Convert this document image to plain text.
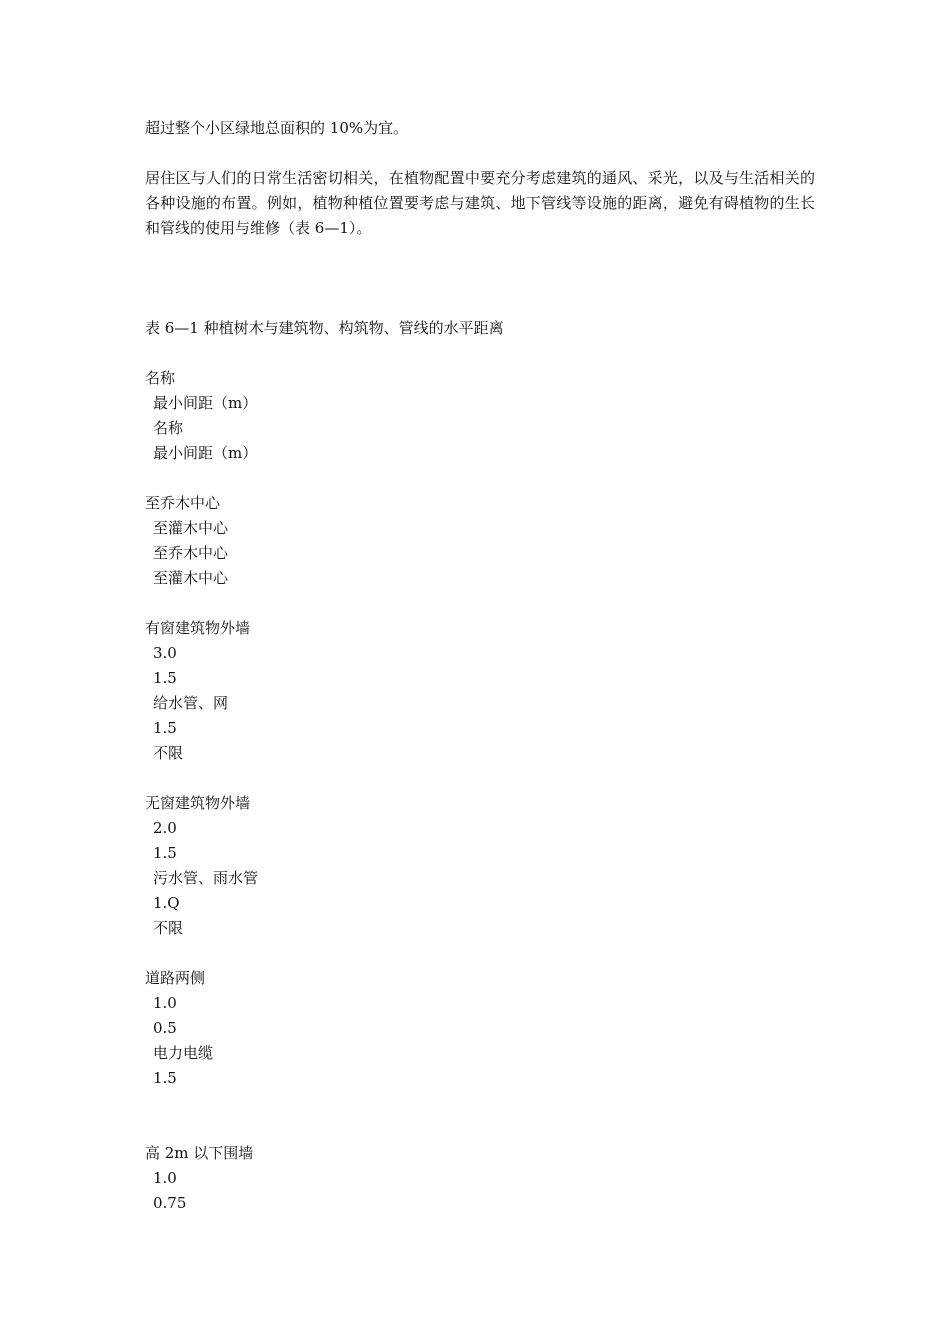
超过整个小区绿地总面积的 10%为宜。

居住区与人们的日常生活密切相关，在植物配置中要充分考虑建筑的通风、采光，以及与生活相关的各种设施的布置。例如，植物种植位置要考虑与建筑、地下管线等设施的距离，避免有碍植物的生长和管线的使用与维修（表 6—1）。

表 6—1 种植树木与建筑物、构筑物、管线的水平距离

名称
最小间距（m）
名称
最小间距（m）
至乔木中心
至灌木中心
至乔木中心
至灌木中心
有窗建筑物外墙
3.0
1.5
给水管、网
1.5
不限
无窗建筑物外墙
2.0
1.5
污水管、雨水管
1.Q
不限
道路两侧
1.0
0.5
电力电缆
1.5

高 2m 以下围墙
1.0
0.75
